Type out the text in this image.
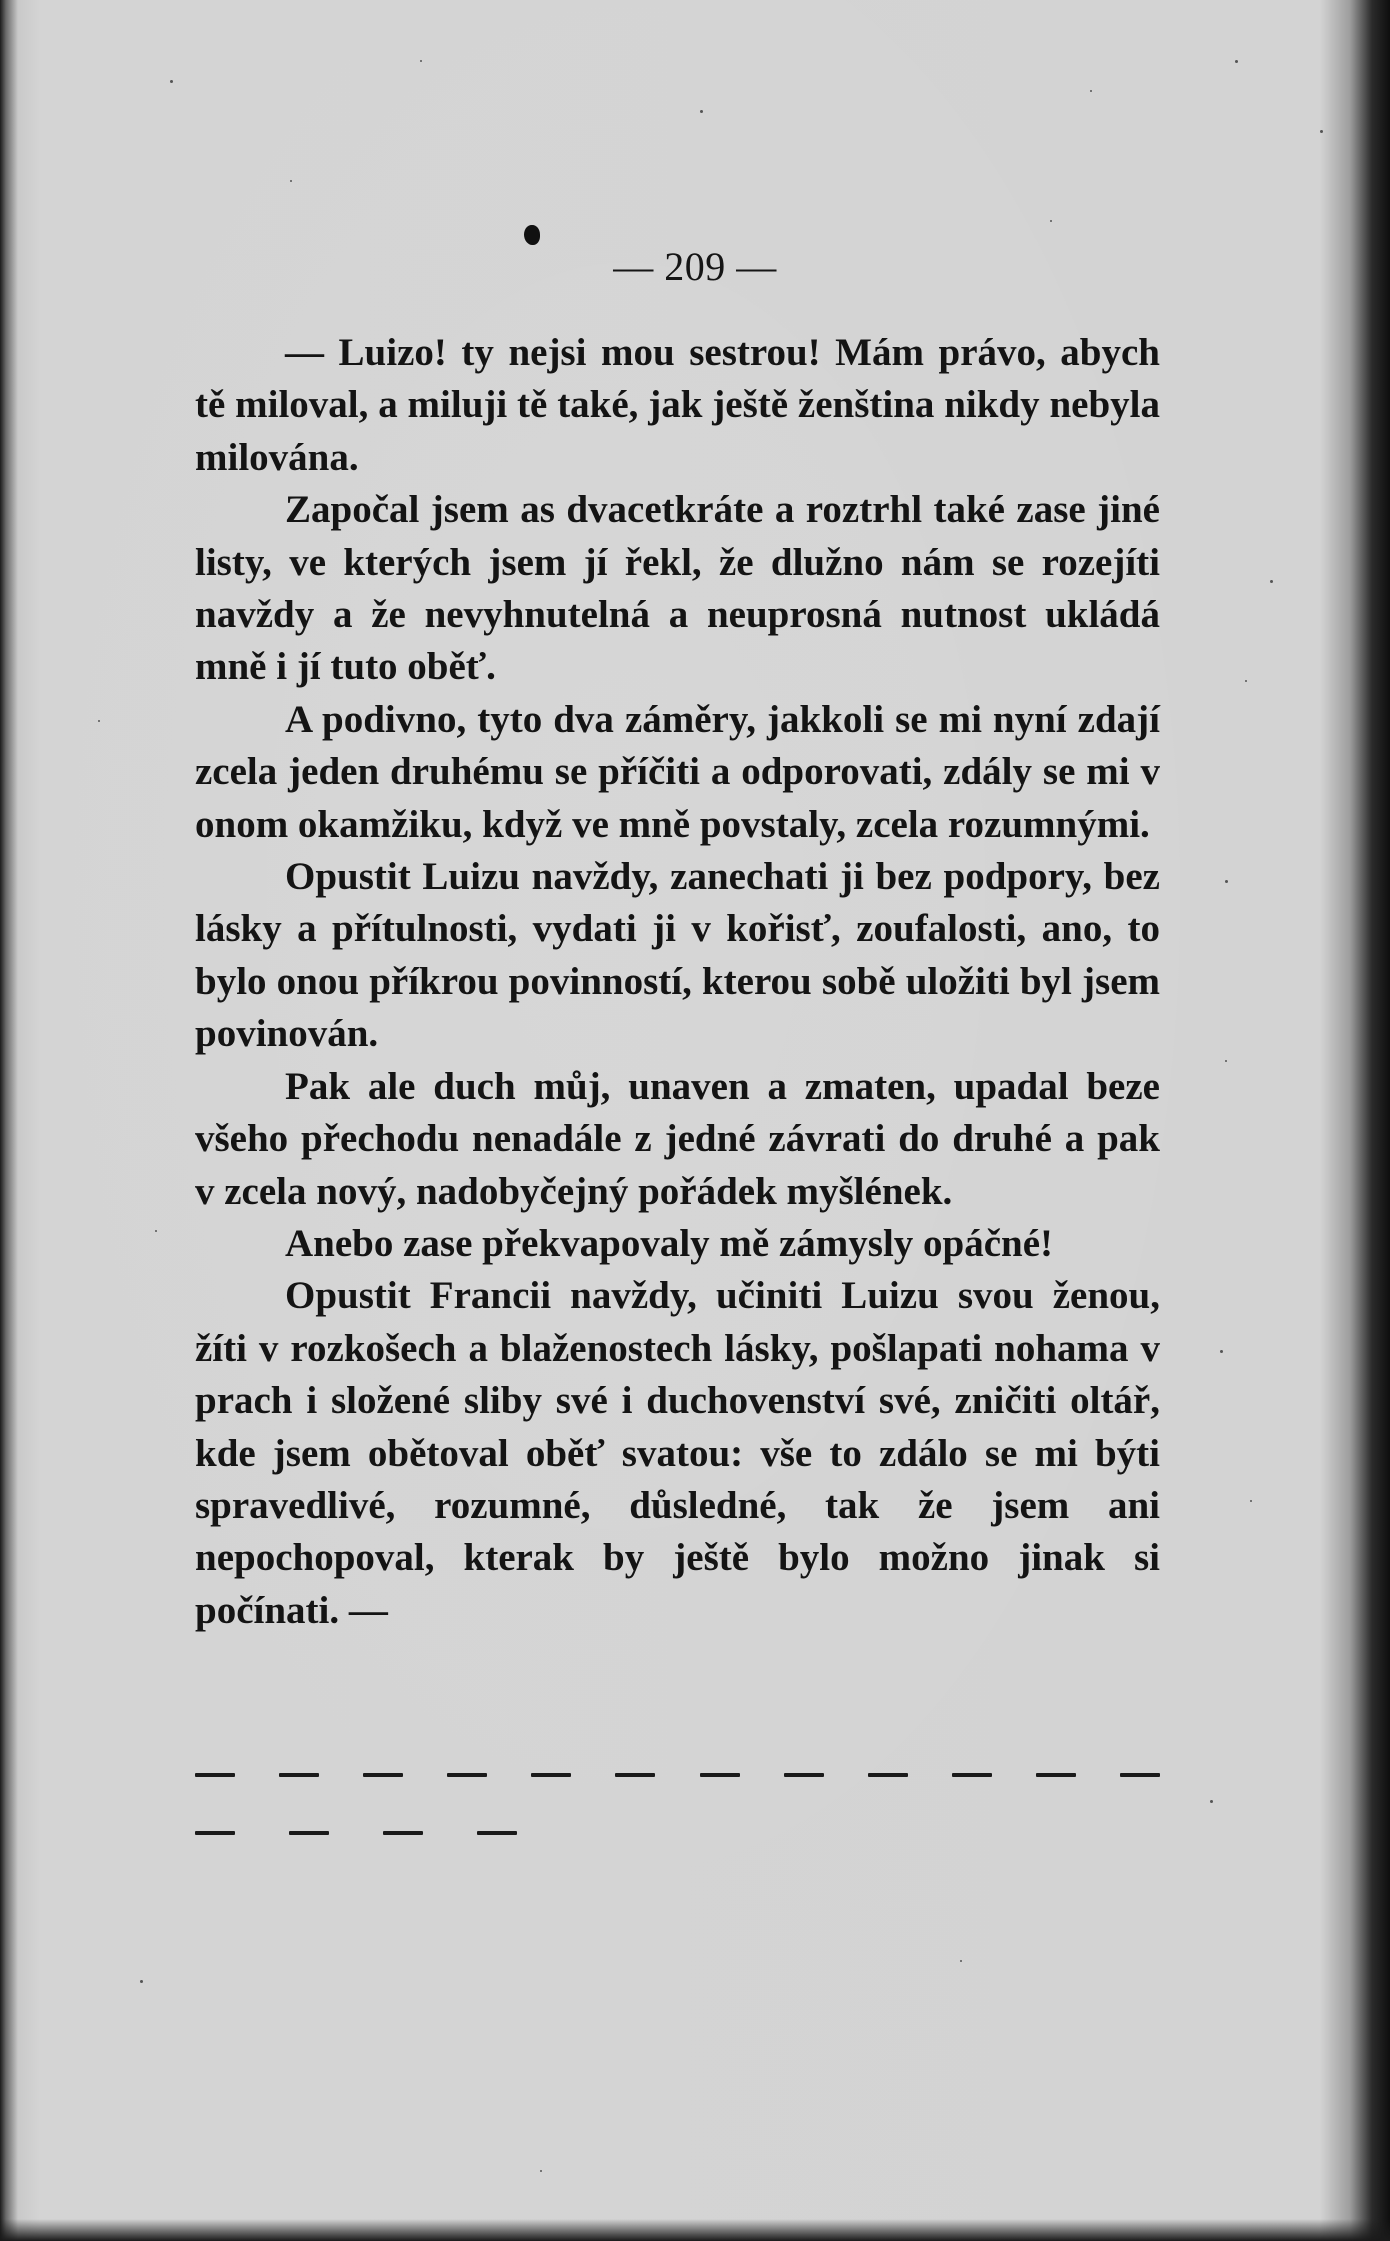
— 209 —

— Luizo! ty nejsi mou sestrou! Mám právo, abych tě miloval, a miluji tě také, jak ještě ženština nikdy nebyla milována.

Započal jsem as dvacetkráte a roztrhl také zase jiné listy, ve kterých jsem jí řekl, že dlužno nám se rozejíti navždy a že nevyhnutelná a neuprosná nutnost ukládá mně i jí tuto oběť.

A podivno, tyto dva záměry, jakkoli se mi nyní zdají zcela jeden druhému se příčiti a odporovati, zdály se mi v onom okamžiku, když ve mně povstaly, zcela rozumnými.

Opustit Luizu navždy, zanechati ji bez podpory, bez lásky a přítulnosti, vydati ji v kořisť, zoufalosti, ano, to bylo onou příkrou povinností, kterou sobě uložiti byl jsem povinován.

Pak ale duch můj, unaven a zmaten, upadal beze všeho přechodu nenadále z jedné závrati do druhé a pak v zcela nový, nadobyčejný pořádek myšlének.

Anebo zase překvapovaly mě zámysly opáčné!

Opustit Francii navždy, učiniti Luizu svou ženou, žíti v rozkošech a blaženostech lásky, pošlapati nohama v prach i složené sliby své i duchovenství své, zničiti oltář, kde jsem obětoval oběť svatou: vše to zdálo se mi býti spravedlivé, rozumné, důsledné, tak že jsem ani nepochopoval, kterak by ještě bylo možno jinak si počínati. —
